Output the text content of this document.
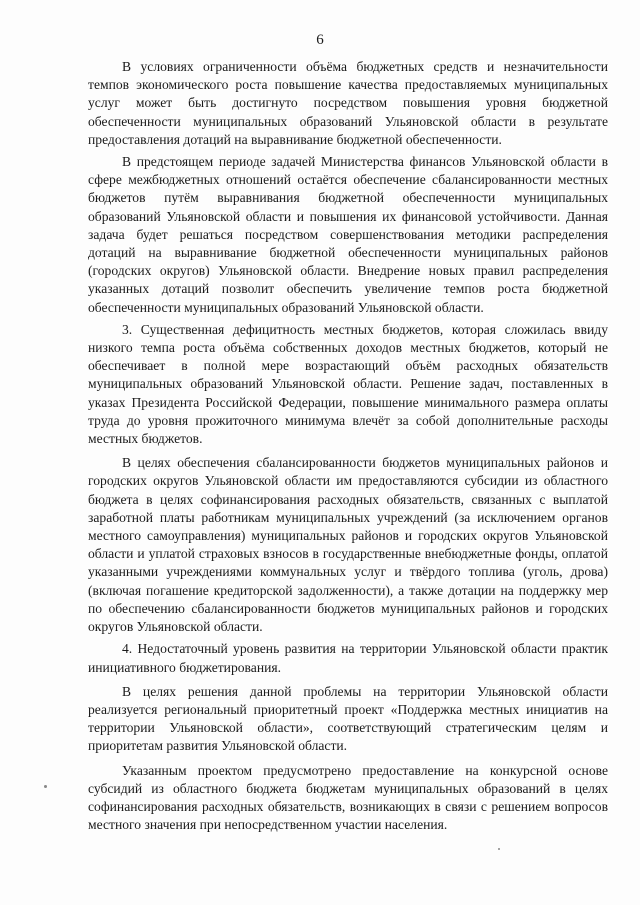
6

В условиях ограниченности объёма бюджетных средств и незначительности темпов экономического роста повышение качества предоставляемых муниципальных услуг может быть достигнуто посредством повышения уровня бюджетной обеспеченности муниципальных образований Ульяновской области в результате предоставления дотаций на выравнивание бюджетной обеспеченности.

В предстоящем периоде задачей Министерства финансов Ульяновской области в сфере межбюджетных отношений остаётся обеспечение сбалансированности местных бюджетов путём выравнивания бюджетной обеспеченности муниципальных образований Ульяновской области и повышения их финансовой устойчивости. Данная задача будет решаться посредством совершенствования методики распределения дотаций на выравнивание бюджетной обеспеченности муниципальных районов (городских округов) Ульяновской области. Внедрение новых правил распределения указанных дотаций позволит обеспечить увеличение темпов роста бюджетной обеспеченности муниципальных образований Ульяновской области.

3. Существенная дефицитность местных бюджетов, которая сложилась ввиду низкого темпа роста объёма собственных доходов местных бюджетов, который не обеспечивает в полной мере возрастающий объём расходных обязательств муниципальных образований Ульяновской области. Решение задач, поставленных в указах Президента Российской Федерации, повышение минимального размера оплаты труда до уровня прожиточного минимума влечёт за собой дополнительные расходы местных бюджетов.

В целях обеспечения сбалансированности бюджетов муниципальных районов и городских округов Ульяновской области им предоставляются субсидии из областного бюджета в целях софинансирования расходных обязательств, связанных с выплатой заработной платы работникам муниципальных учреждений (за исключением органов местного самоуправления) муниципальных районов и городских округов Ульяновской области и уплатой страховых взносов в государственные внебюджетные фонды, оплатой указанными учреждениями коммунальных услуг и твёрдого топлива (уголь, дрова) (включая погашение кредиторской задолженности), а также дотации на поддержку мер по обеспечению сбалансированности бюджетов муниципальных районов и городских округов Ульяновской области.

4. Недостаточный уровень развития на территории Ульяновской области практик инициативного бюджетирования.

В целях решения данной проблемы на территории Ульяновской области реализуется региональный приоритетный проект «Поддержка местных инициатив на территории Ульяновской области», соответствующий стратегическим целям и приоритетам развития Ульяновской области.

Указанным проектом предусмотрено предоставление на конкурсной основе субсидий из областного бюджета бюджетам муниципальных образований в целях софинансирования расходных обязательств, возникающих в связи с решением вопросов местного значения при непосредственном участии населения.
